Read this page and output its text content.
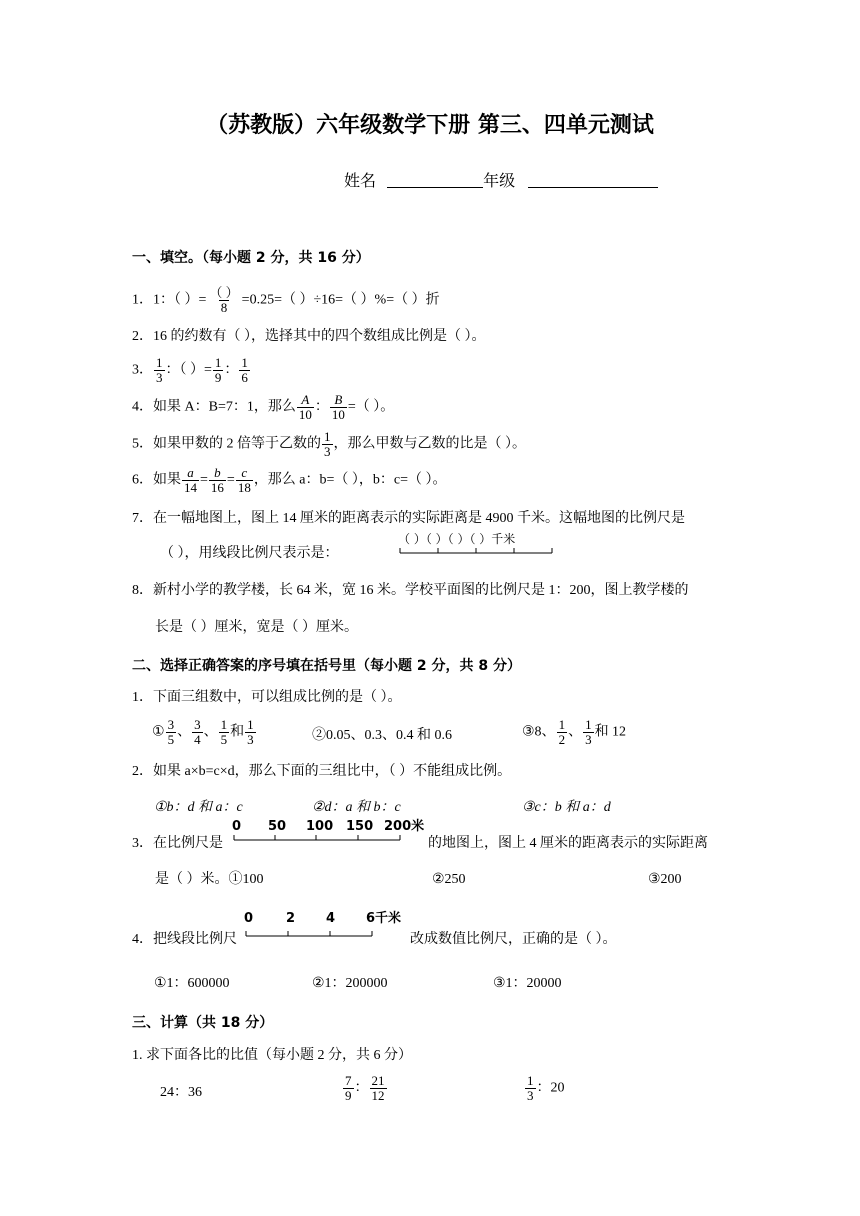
（苏教版）六年级数学下册 第三、四单元测试
姓名	年级
一、填空。（每小题 2 分，共 16 分）
1．1：（ ）= $\frac{( )}{8} =0.25=$（ ）÷16=（ ）%=（ ）折
2．16 的约数有（ ），选择其中的四个数组成比例是（ ）。
3． $\frac{1}{3}$ ：（ ）= $\frac{1}{9}$ ： $\frac{1}{6}$
4．如果 A：B=7：1，那么 $\frac{A}{10}$ ： $\frac{B}{10}$ =（ ）。
5．如果甲数的 2 倍等于乙数的 $\frac{1}{3}$ ，那么甲数与乙数的比是（ ）。
6．如果 $\frac{a}{14} = \frac{b}{16} = \frac{c}{18}$ ，那么 a：b=（ ），b：c=（ ）。
7．在一幅地图上，图上 14 厘米的距离表示的实际距离是 4900 千米。这幅地图的比例尺是
（ ），用线段比例尺表示是：
（ ）（ ）（ ）（ ）千米
8．新村小学的教学楼，长 64 米，宽 16 米。学校平面图的比例尺是 1：200，图上教学楼的
长是（ ）厘米，宽是（ ）厘米。
二、选择正确答案的序号填在括号里（每小题 2 分，共 8 分）
1．下面三组数中，可以组成比例的是（ ）。
① $\frac{3}{5}$ 、 $\frac{3}{4}$ 、 $\frac{1}{5}$ 和 $\frac{1}{3}$	②0.05、0.3、0.4 和 0.6	③8、 $\frac{1}{2}$ 、 $\frac{1}{3}$ 和 12
2．如果 a×b=c×d，那么下面的三组比中，（ ）不能组成比例。
①b：d 和 a：c	②d：a 和 b：c	③c：b 和 a：d
3．在比例尺是
0 50 100 150 200米
的地图上，图上 4 厘米的距离表示的实际距离
是（ ）米。①100	②250	③200
4．把线段比例尺
0	2 4 6千米
改成数值比例尺，正确的是（ ）。
①1：600000	②1：200000	③1：20000
三、计算（共 18 分）
1. 求下面各比的比值（每小题 2 分，共 6 分）
24：36	$\frac{7}{9}$ ： $\frac{21}{12}$	$\frac{1}{3}$ ：20
